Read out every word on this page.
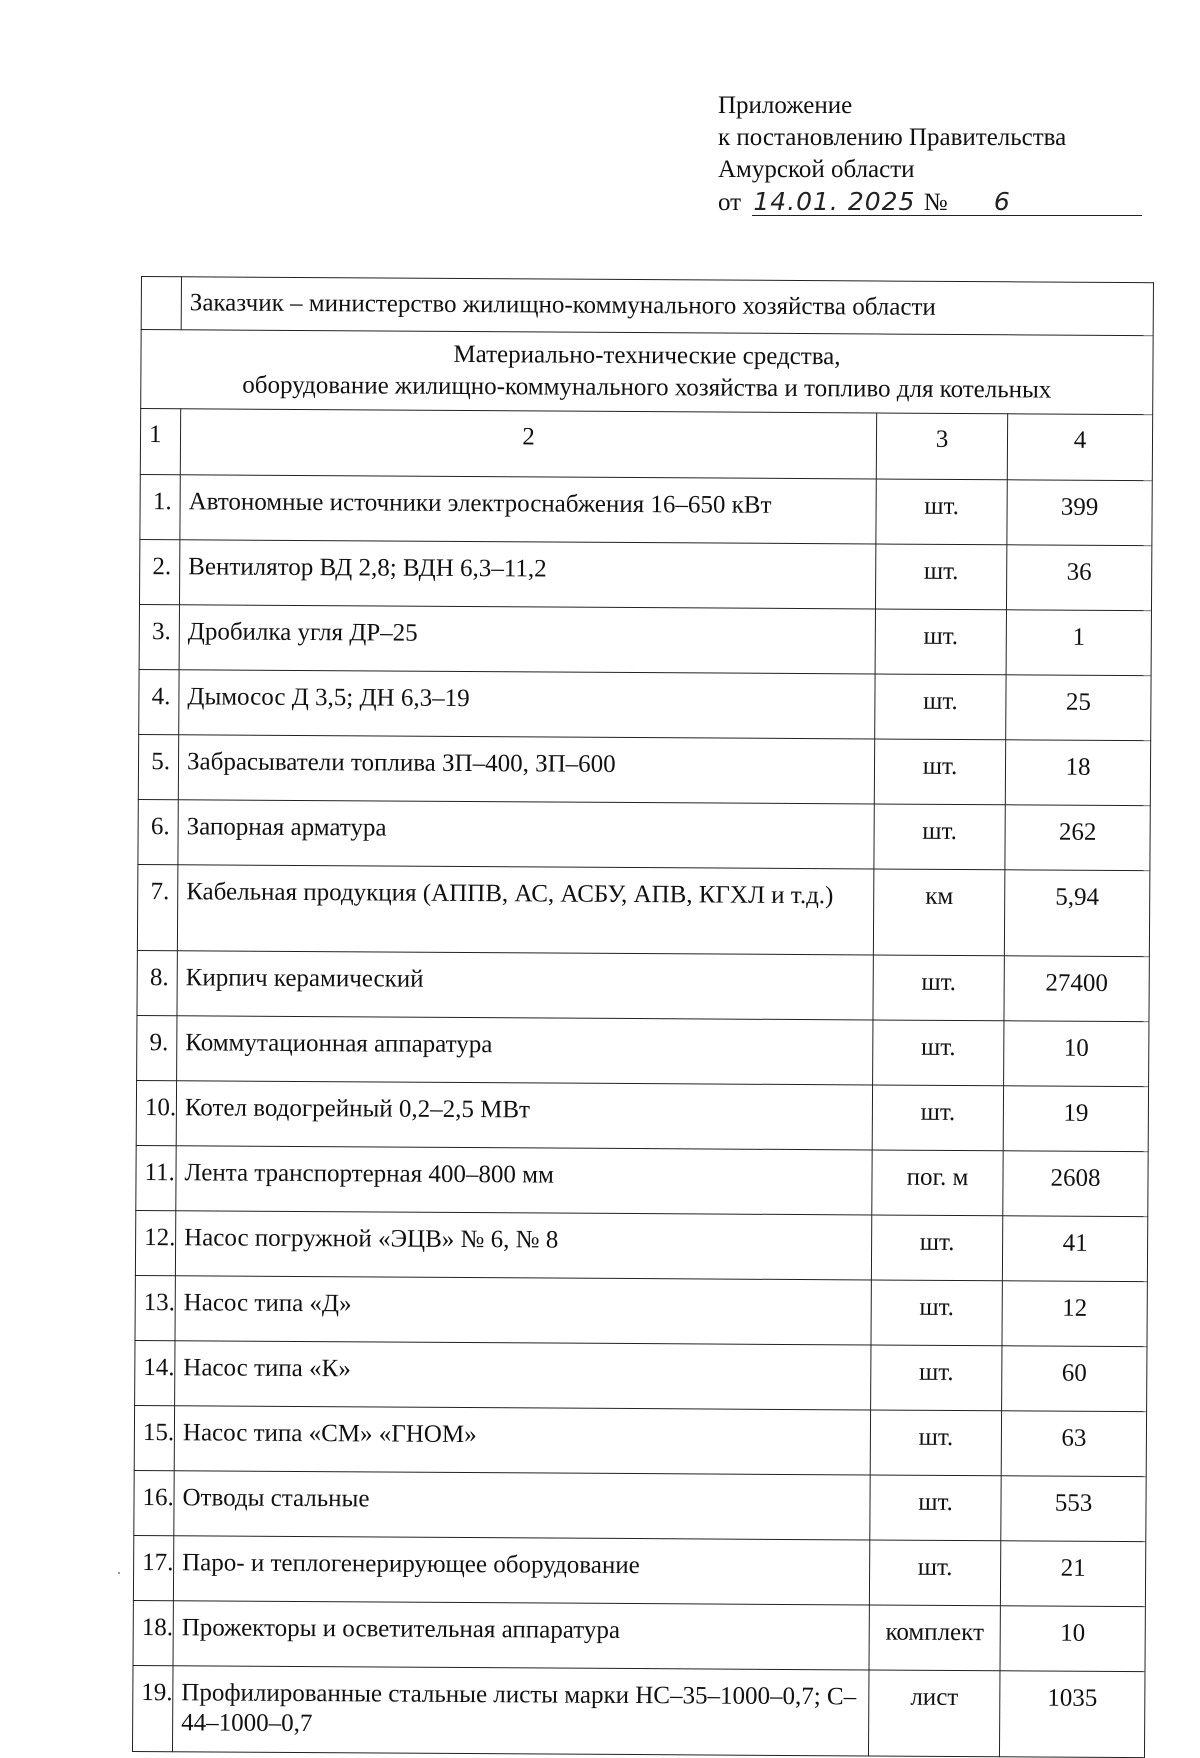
Приложение
к постановлению Правительства
Амурской области
от 14.01. 2025 № 6
	Заказчик – министерство жилищно-коммунального хозяйства области		

Материально-технические средства,
оборудование жилищно-коммунального хозяйства и топливо для котельных			

1	2	3	4
1.	Автономные источники электроснабжения 16–650 кВт	шт.	399
2.	Вентилятор ВД 2,8; ВДН 6,3–11,2	шт.	36
3.	Дробилка угля ДР–25	шт.	1
4.	Дымосос Д 3,5; ДН 6,3–19	шт.	25
5.	Забрасыватели топлива ЗП–400, ЗП–600	шт.	18
6.	Запорная арматура	шт.	262
7.	Кабельная продукция (АППВ, АС, АСБУ, АПВ, КГХЛ и т.д.)	км	5,94
8.	Кирпич керамический	шт.	27400
9.	Коммутационная аппаратура	шт.	10
10.	Котел водогрейный 0,2–2,5 МВт	шт.	19
11.	Лента транспортерная 400–800 мм	пог. м	2608
12.	Насос погружной «ЭЦВ» № 6, № 8	шт.	41
13.	Насос типа «Д»	шт.	12
14.	Насос типа «К»	шт.	60
15.	Насос типа «СМ» «ГНОМ»	шт.	63
16.	Отводы стальные	шт.	553
17.	Паро- и теплогенерирующее оборудование	шт.	21
18.	Прожекторы и осветительная аппаратура	комплект	10
19.	Профилированные стальные листы марки НС–35–1000–0,7; С–44–1000–0,7	лист	1035
